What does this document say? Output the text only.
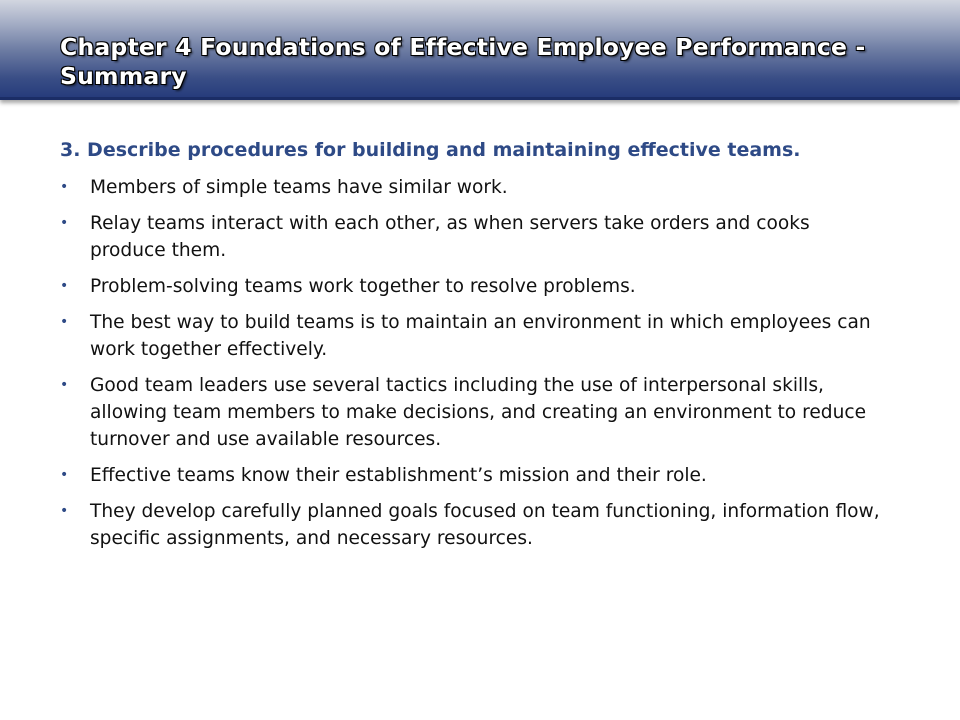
Chapter 4 Foundations of Effective Employee Performance - Summary
3. Describe procedures for building and maintaining effective teams.
•	Members of simple teams have similar work.
•	Relay teams interact with each other, as when servers take orders and cooks produce them.
•	Problem-solving teams work together to resolve problems.
•	The best way to build teams is to maintain an environment in which employees can work together effectively.
•	Good team leaders use several tactics including the use of interpersonal skills, allowing team members to make decisions, and creating an environment to reduce turnover and use available resources.
•	Effective teams know their establishment’s mission and their role.
•	They develop carefully planned goals focused on team functioning, information flow, specific assignments, and necessary resources.
